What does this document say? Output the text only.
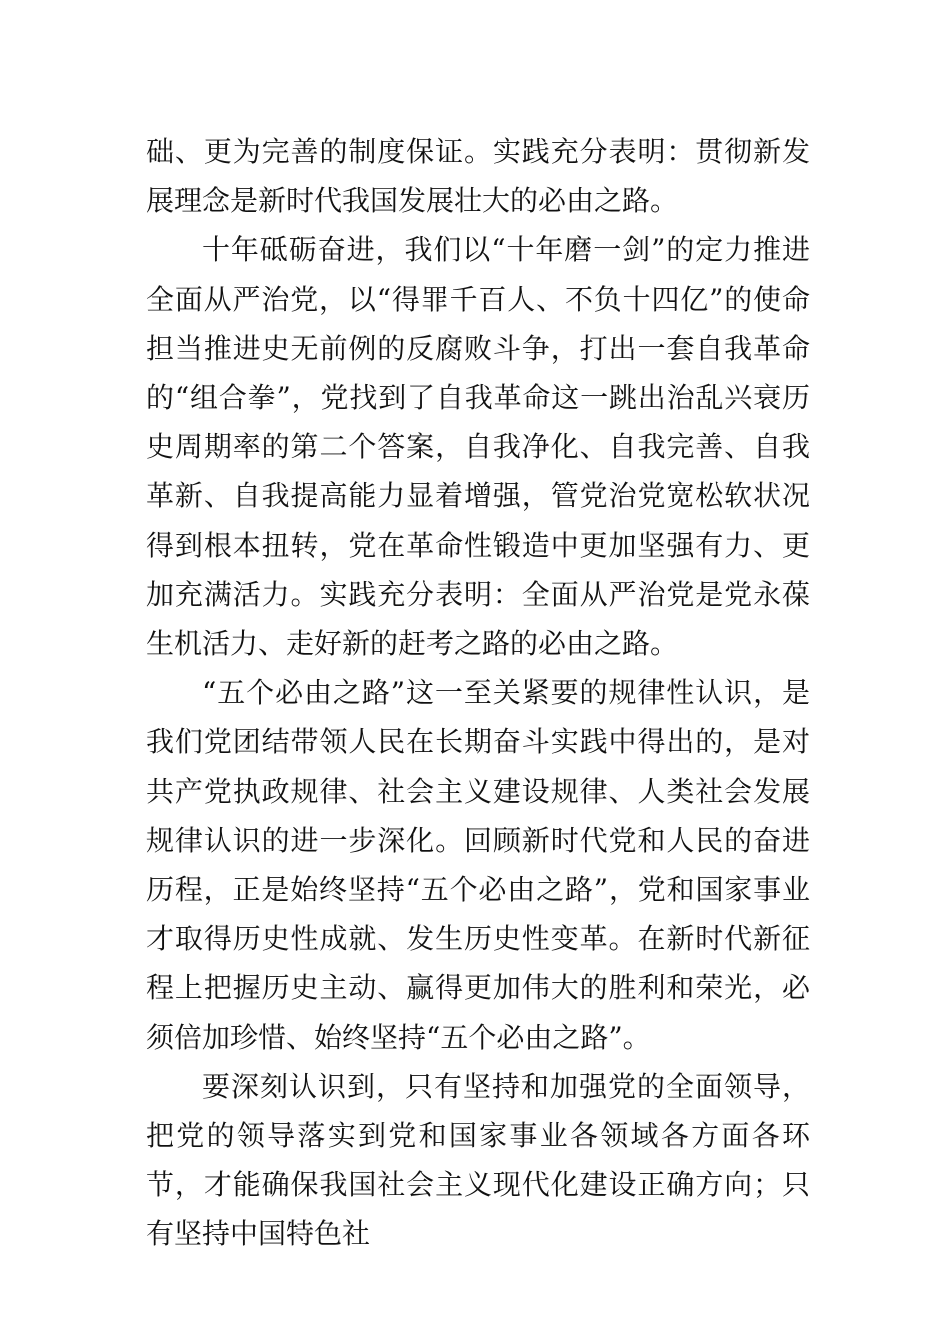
础、更为完善的制度保证。实践充分表明：贯彻新发展理念是新时代我国发展壮大的必由之路。

十年砥砺奋进，我们以“十年磨一剑”的定力推进全面从严治党，以“得罪千百人、不负十四亿”的使命担当推进史无前例的反腐败斗争，打出一套自我革命的“组合拳”，党找到了自我革命这一跳出治乱兴衰历史周期率的第二个答案，自我净化、自我完善、自我革新、自我提高能力显着增强，管党治党宽松软状况得到根本扭转，党在革命性锻造中更加坚强有力、更加充满活力。实践充分表明：全面从严治党是党永葆生机活力、走好新的赶考之路的必由之路。

“五个必由之路”这一至关紧要的规律性认识，是我们党团结带领人民在长期奋斗实践中得出的，是对共产党执政规律、社会主义建设规律、人类社会发展规律认识的进一步深化。回顾新时代党和人民的奋进历程，正是始终坚持“五个必由之路”，党和国家事业才取得历史性成就、发生历史性变革。在新时代新征程上把握历史主动、赢得更加伟大的胜利和荣光，必须倍加珍惜、始终坚持“五个必由之路”。

要深刻认识到，只有坚持和加强党的全面领导，把党的领导落实到党和国家事业各领域各方面各环节，才能确保我国社会主义现代化建设正确方向；只有坚持中国特色社
